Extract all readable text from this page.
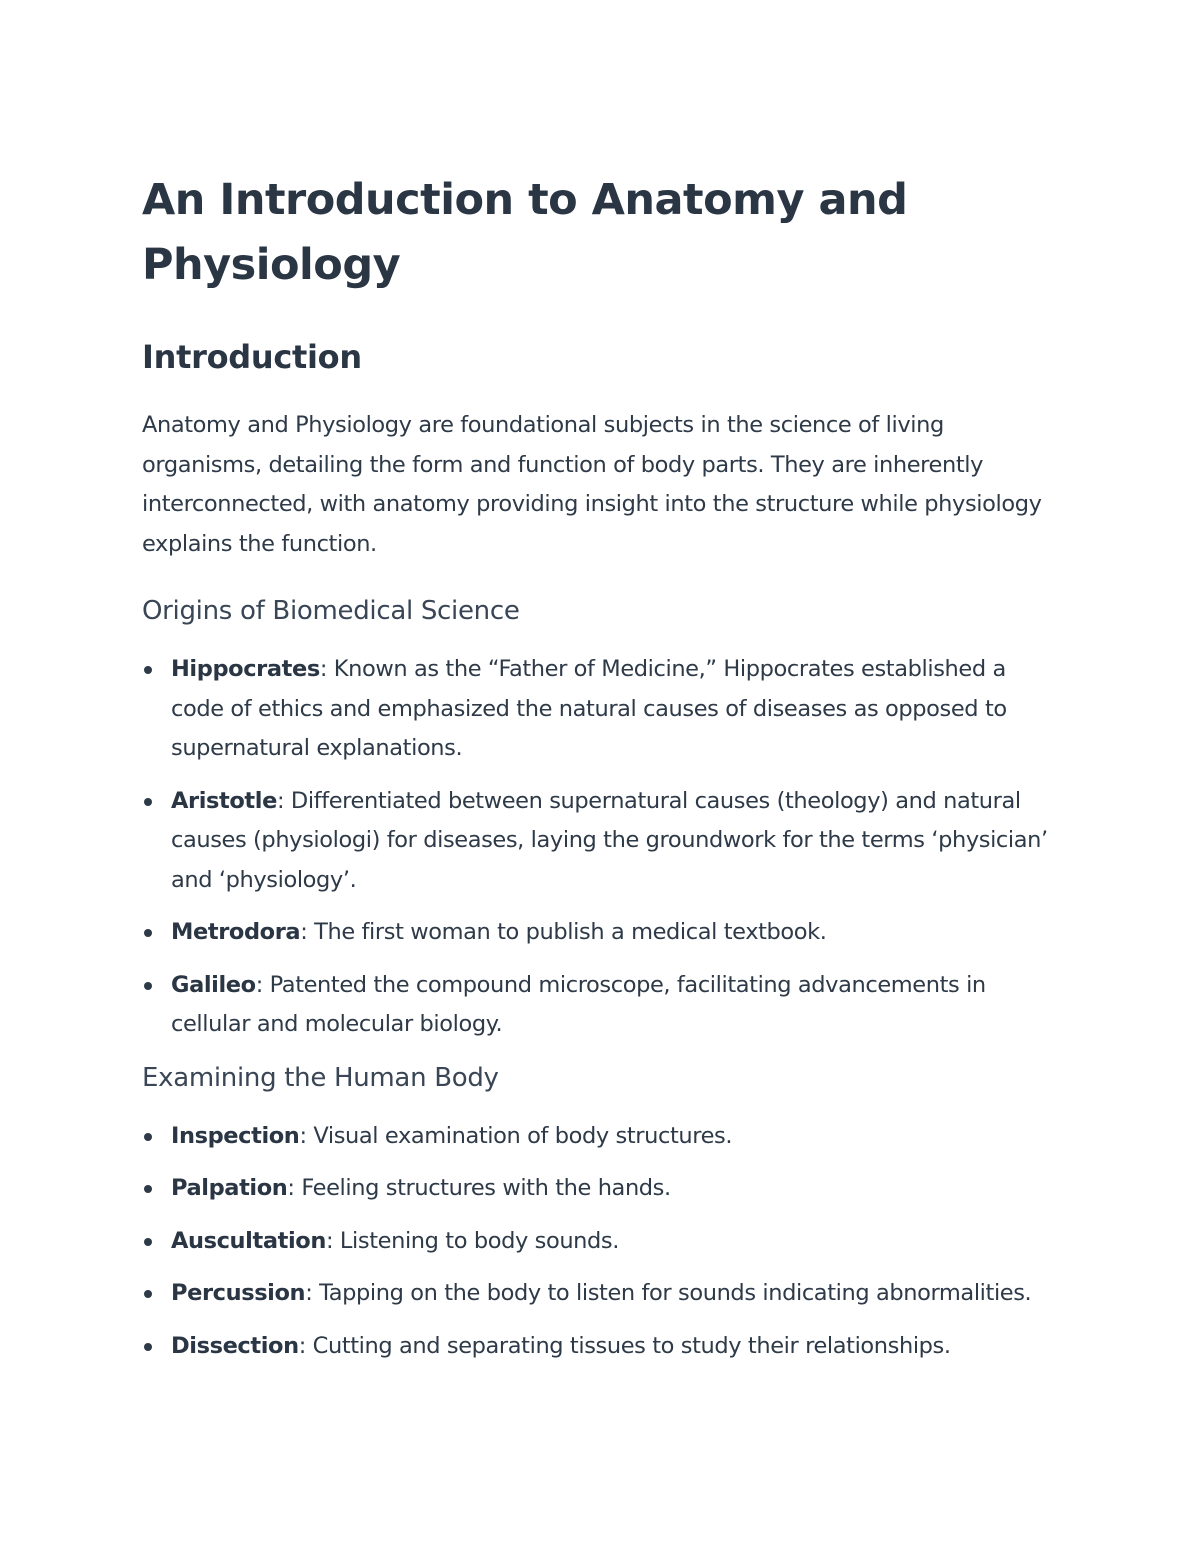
An Introduction to Anatomy and Physiology
Introduction

Anatomy and Physiology are foundational subjects in the science of living organisms, detailing the form and function of body parts. They are inherently interconnected, with anatomy providing insight into the structure while physiology explains the function.

Origins of Biomedical Science
Hippocrates: Known as the “Father of Medicine,” Hippocrates established a code of ethics and emphasized the natural causes of diseases as opposed to supernatural explanations.
Aristotle: Differentiated between supernatural causes (theology) and natural causes (physiologi) for diseases, laying the groundwork for the terms ‘physician’ and ‘physiology’.
Metrodora: The first woman to publish a medical textbook.
Galileo: Patented the compound microscope, facilitating advancements in cellular and molecular biology.
Examining the Human Body
Inspection: Visual examination of body structures.
Palpation: Feeling structures with the hands.
Auscultation: Listening to body sounds.
Percussion: Tapping on the body to listen for sounds indicating abnormalities.
Dissection: Cutting and separating tissues to study their relationships.
